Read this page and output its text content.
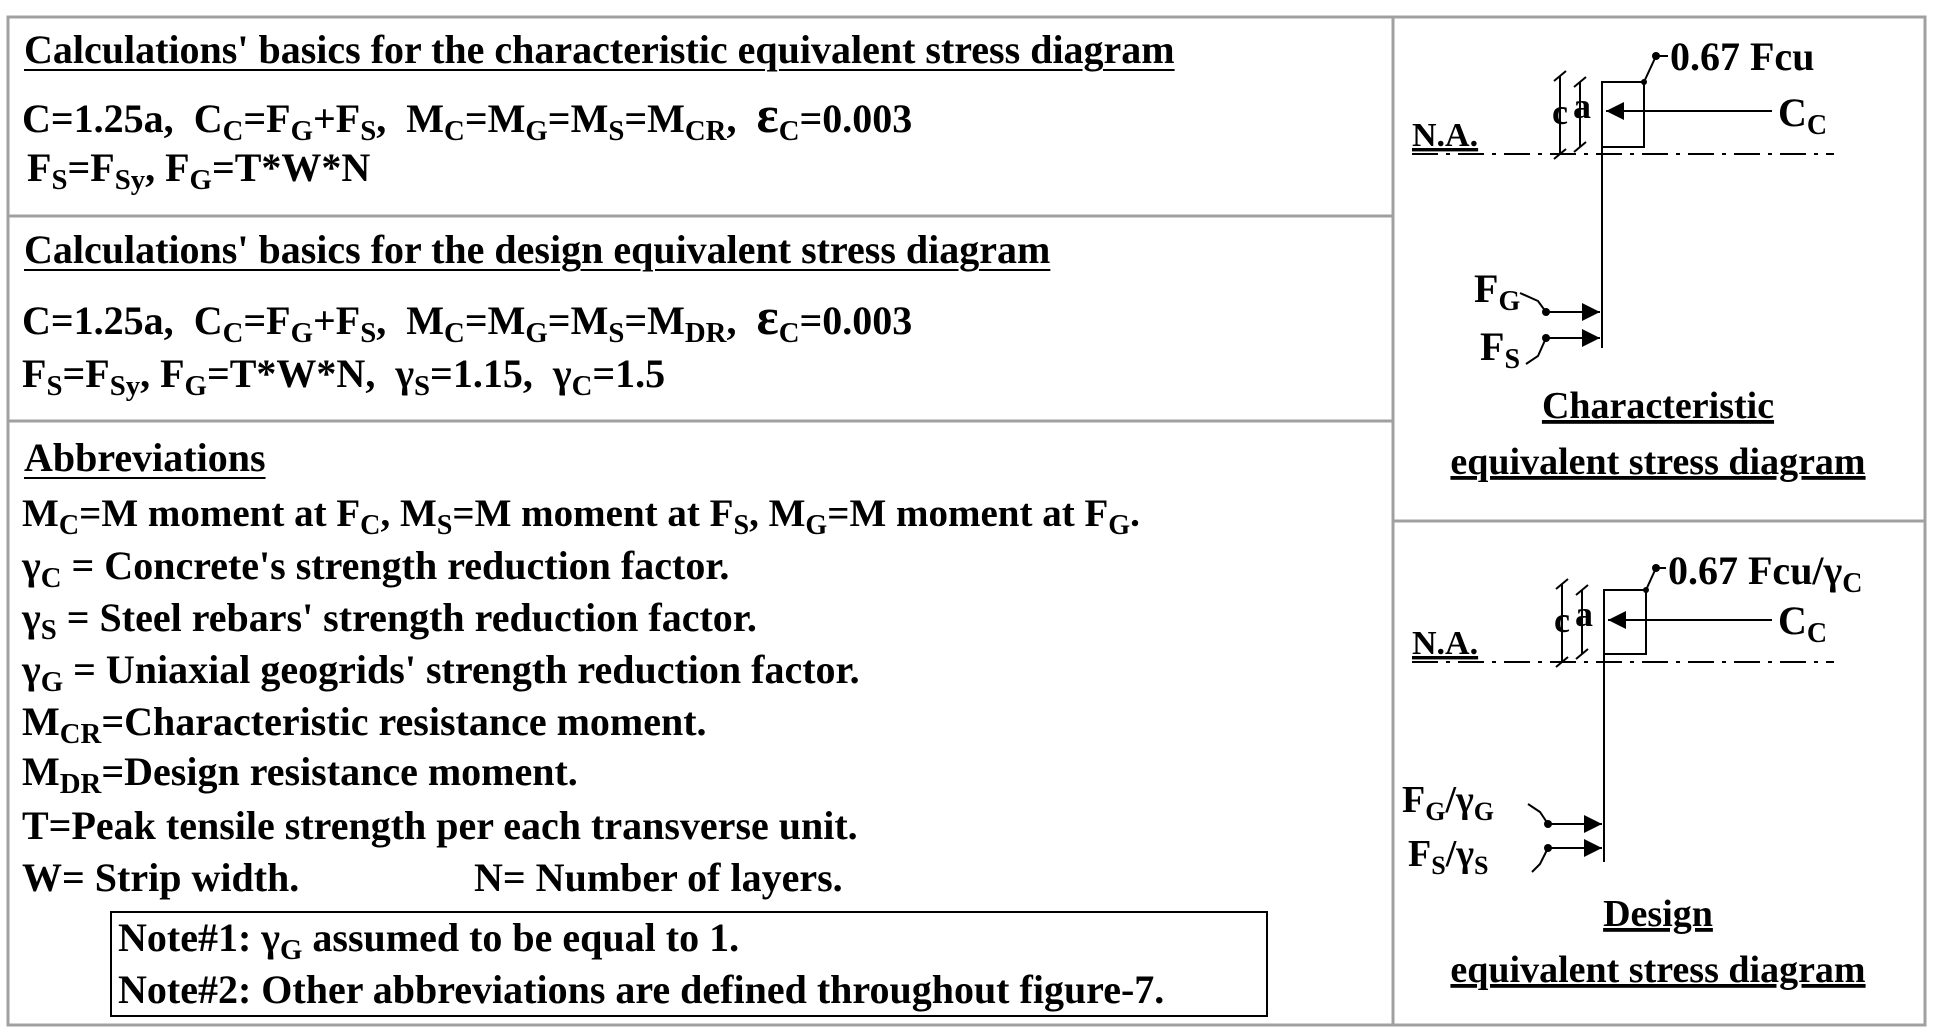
Calculations' basics for the characteristic equivalent stress diagram
C=1.25a, $C_C=F_G+F_S$, $M_C=M_G=M_S=M_{CR}$, $\varepsilon_C=0.003$
$F_S=F_{Sy}$, $F_G=T*W*N$
Calculations' basics for the design equivalent stress diagram
C=1.25a, $C_C=F_G+F_S$, $M_C=M_G=M_S=M_{DR}$, $\varepsilon_C=0.003$
$F_S=F_{Sy}$, $F_G=T*W*N$, $\gamma_S=1.15$, $\gamma_C=1.5$
Abbreviations
$M_C=M$ moment at $F_C$, $M_S=M$ moment at $F_S$, $M_G=M$ moment at $F_G$.
$\gamma_C$ = Concrete's strength reduction factor.
$\gamma_S$ = Steel rebars' strength reduction factor.
$\gamma_G$ = Uniaxial geogrids' strength reduction factor.
$M_{CR}=Characteristic$ resistance moment.
$M_{DR}=Design$ resistance moment.
T=Peak tensile strength per each transverse unit.
W= Strip width.	N= Number of layers.
Note#1: $\gamma_G$ assumed to be equal to 1.
Note#2: Other abbreviations are defined throughout figure-7.
0.67 Fcu
$C_C$
N.A.
c a
$F_G$
$F_S$
Characteristic
equivalent stress diagram
0.67 Fcu/$\gamma_C$
$C_C$
N.A.
c a
$F_G/\gamma_G$
$F_S/\gamma_S$
Design
equivalent stress diagram
